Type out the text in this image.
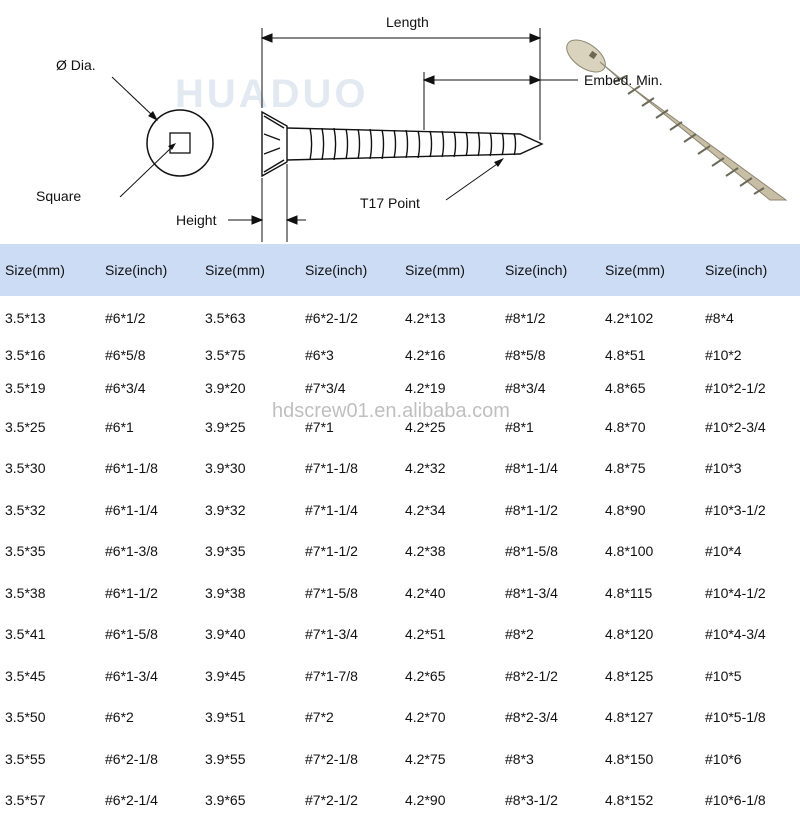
HUADUO
Ø Dia.
Square
Height
Length
Embed. Min.
T17 Point
Size(mm)	Size(inch)	Size(mm)	Size(inch)	Size(mm)	Size(inch)	Size(mm)	Size(inch)
3.5*13	#6*1/2	3.5*63	#6*2-1/2	4.2*13	#8*1/2	4.2*102	#8*4
3.5*16	#6*5/8	3.5*75	#6*3	4.2*16	#8*5/8	4.8*51	#10*2
3.5*19	#6*3/4	3.9*20	#7*3/4	4.2*19	#8*3/4	4.8*65	#10*2-1/2
3.5*25	#6*1	3.9*25	#7*1	4.2*25	#8*1	4.8*70	#10*2-3/4
3.5*30	#6*1-1/8	3.9*30	#7*1-1/8	4.2*32	#8*1-1/4	4.8*75	#10*3
3.5*32	#6*1-1/4	3.9*32	#7*1-1/4	4.2*34	#8*1-1/2	4.8*90	#10*3-1/2
3.5*35	#6*1-3/8	3.9*35	#7*1-1/2	4.2*38	#8*1-5/8	4.8*100	#10*4
3.5*38	#6*1-1/2	3.9*38	#7*1-5/8	4.2*40	#8*1-3/4	4.8*115	#10*4-1/2
3.5*41	#6*1-5/8	3.9*40	#7*1-3/4	4.2*51	#8*2	4.8*120	#10*4-3/4
3.5*45	#6*1-3/4	3.9*45	#7*1-7/8	4.2*65	#8*2-1/2	4.8*125	#10*5
3.5*50	#6*2	3.9*51	#7*2	4.2*70	#8*2-3/4	4.8*127	#10*5-1/8
3.5*55	#6*2-1/8	3.9*55	#7*2-1/8	4.2*75	#8*3	4.8*150	#10*6
3.5*57	#6*2-1/4	3.9*65	#7*2-1/2	4.2*90	#8*3-1/2	4.8*152	#10*6-1/8
hdscrew01.en.alibaba.com
